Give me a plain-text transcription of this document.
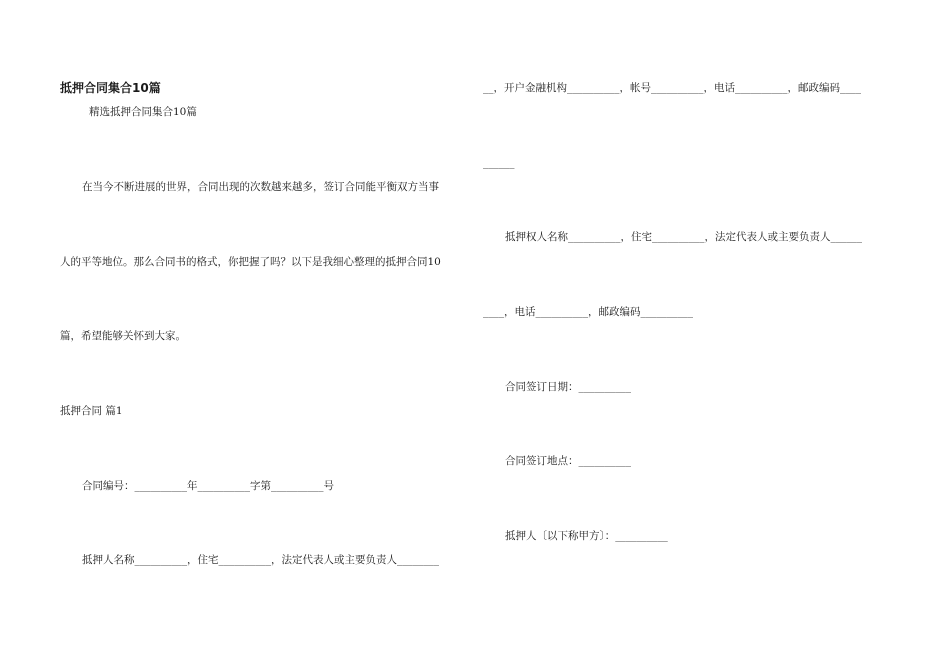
抵押合同集合10篇
精选抵押合同集合10篇
在当今不断进展的世界，合同出现的次数越来越多，签订合同能平衡双方当事
人的平等地位。那么合同书的格式，你把握了吗？以下是我细心整理的抵押合同10
篇，希望能够关怀到大家。
抵押合同 篇1
合同编号：__________年__________字第__________号
抵押人名称__________，住宅__________，法定代表人或主要负责人________
__，开户金融机构__________，帐号__________，电话__________，邮政编码____
______
抵押权人名称__________，住宅__________，法定代表人或主要负责人______
____，电话__________，邮政编码__________
合同签订日期：__________
合同签订地点：__________
抵押人〔以下称甲方〕：__________
